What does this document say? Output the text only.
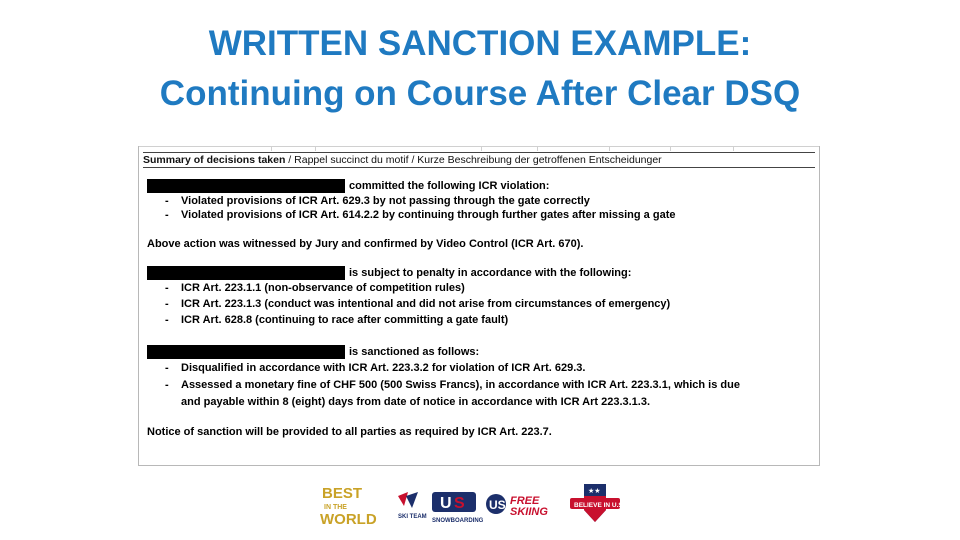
WRITTEN SANCTION EXAMPLE:
Continuing on Course After Clear DSQ
Summary of decisions taken / Rappel succinct du motif / Kurze Beschreibung der getroffenen Entscheidunger
committed the following ICR violation:
- Violated provisions of ICR Art. 629.3 by not passing through the gate correctly
- Violated provisions of ICR Art. 614.2.2 by continuing through further gates after missing a gate
Above action was witnessed by Jury and confirmed by Video Control (ICR Art. 670).
is subject to penalty in accordance with the following:
- ICR Art. 223.1.1 (non-observance of competition rules)
- ICR Art. 223.1.3 (conduct was intentional and did not arise from circumstances of emergency)
- ICR Art. 628.8 (continuing to race after committing a gate fault)
is sanctioned as follows:
- Disqualified in accordance with ICR Art. 223.3.2 for violation of ICR Art. 629.3.
- Assessed a monetary fine of CHF 500 (500 Swiss Francs), in accordance with ICR Art. 223.3.1, which is due
and payable within 8 (eight) days from date of notice in accordance with ICR Art 223.3.1.3.
Notice of sanction will be provided to all parties as required by ICR Art. 223.7.
BEST
IN THE
WORLD	SKI TEAM
U S
SNOWBOARDING
US FREE
SKIING
BELIEVE IN U.S.
★★
